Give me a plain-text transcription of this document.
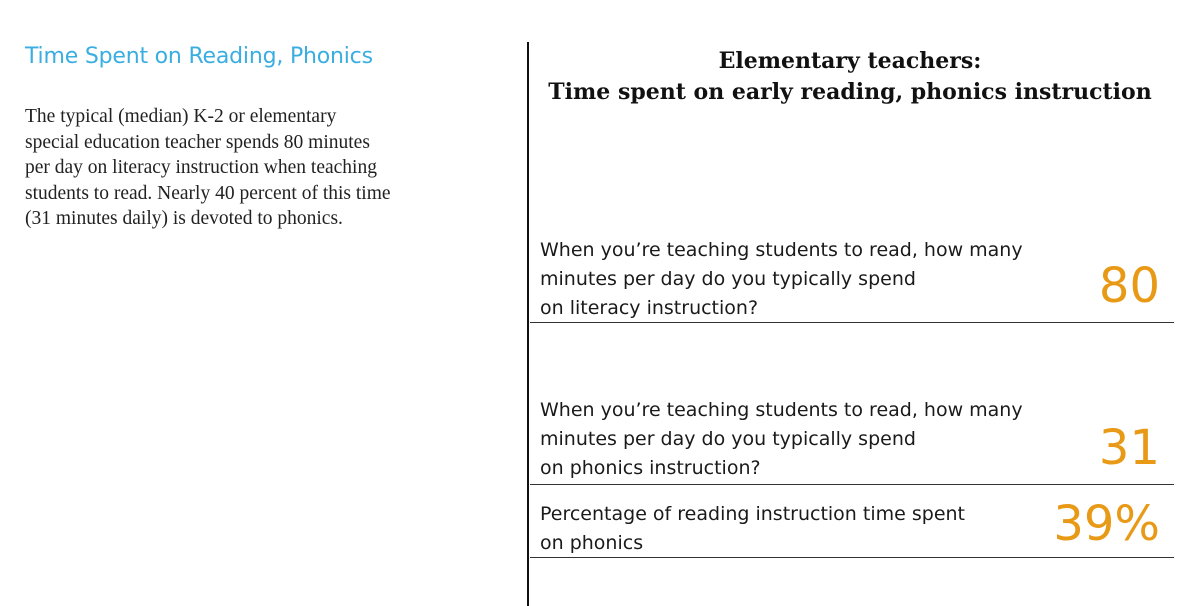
Time Spent on Reading, Phonics

The typical (median) K-2 or elementary

special education teacher spends 80 minutes

per day on literacy instruction when teaching

students to read. Nearly 40 percent of this time

(31 minutes daily) is devoted to phonics.

Elementary teachers:
Time spent on early reading, phonics instruction
When you’re teaching students to read, how many
minutes per day do you typically spend
on literacy instruction?	80
When you’re teaching students to read, how many
minutes per day do you typically spend
on phonics instruction?	31
Percentage of reading instruction time spent
on phonics	39%
